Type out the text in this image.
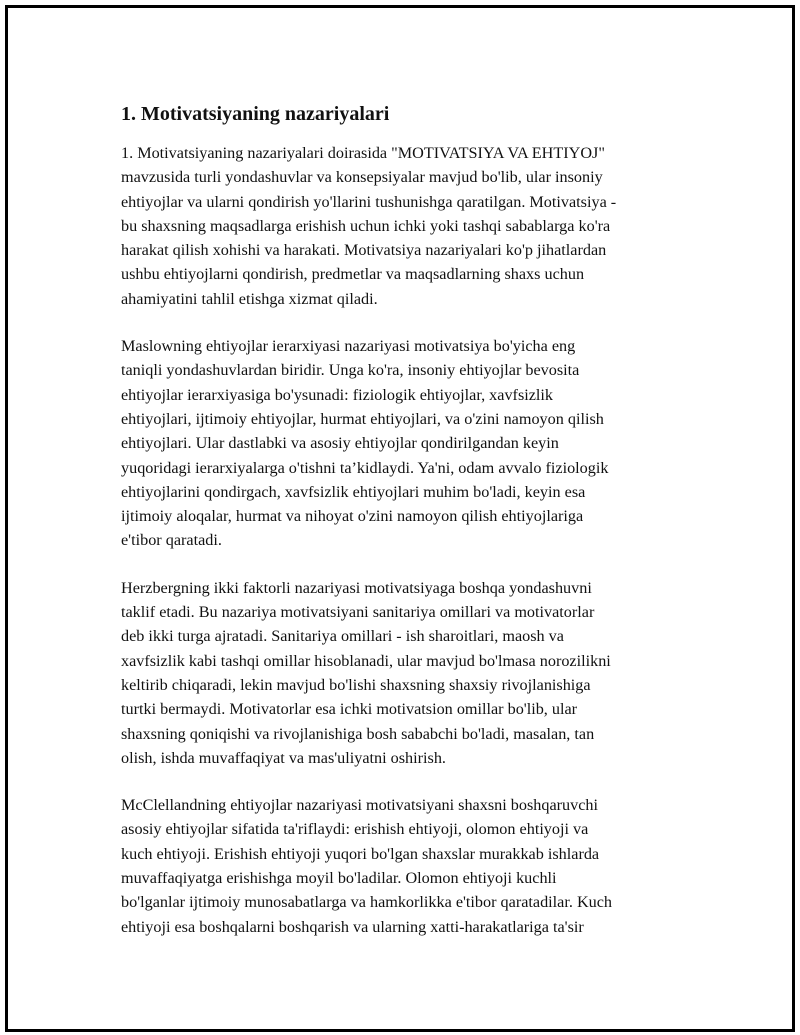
1. Motivatsiyaning nazariyalari

1. Motivatsiyaning nazariyalari doirasida "MOTIVATSIYA VA EHTIYOJ"
mavzusida turli yondashuvlar va konsepsiyalar mavjud bo'lib, ular insoniy
ehtiyojlar va ularni qondirish yo'llarini tushunishga qaratilgan. Motivatsiya -
bu shaxsning maqsadlarga erishish uchun ichki yoki tashqi sabablarga ko'ra
harakat qilish xohishi va harakati. Motivatsiya nazariyalari ko'p jihatlardan
ushbu ehtiyojlarni qondirish, predmetlar va maqsadlarning shaxs uchun
ahamiyatini tahlil etishga xizmat qiladi.

Maslowning ehtiyojlar ierarxiyasi nazariyasi motivatsiya bo'yicha eng
taniqli yondashuvlardan biridir. Unga ko'ra, insoniy ehtiyojlar bevosita
ehtiyojlar ierarxiyasiga bo'ysunadi: fiziologik ehtiyojlar, xavfsizlik
ehtiyojlari, ijtimoiy ehtiyojlar, hurmat ehtiyojlari, va o'zini namoyon qilish
ehtiyojlari. Ular dastlabki va asosiy ehtiyojlar qondirilgandan keyin
yuqoridagi ierarxiyalarga o'tishni ta’kidlaydi. Ya'ni, odam avvalo fiziologik
ehtiyojlarini qondirgach, xavfsizlik ehtiyojlari muhim bo'ladi, keyin esa
ijtimoiy aloqalar, hurmat va nihoyat o'zini namoyon qilish ehtiyojlariga
e'tibor qaratadi.

Herzbergning ikki faktorli nazariyasi motivatsiyaga boshqa yondashuvni
taklif etadi. Bu nazariya motivatsiyani sanitariya omillari va motivatorlar
deb ikki turga ajratadi. Sanitariya omillari - ish sharoitlari, maosh va
xavfsizlik kabi tashqi omillar hisoblanadi, ular mavjud bo'lmasa norozilikni
keltirib chiqaradi, lekin mavjud bo'lishi shaxsning shaxsiy rivojlanishiga
turtki bermaydi. Motivatorlar esa ichki motivatsion omillar bo'lib, ular
shaxsning qoniqishi va rivojlanishiga bosh sababchi bo'ladi, masalan, tan
olish, ishda muvaffaqiyat va mas'uliyatni oshirish.

McClellandning ehtiyojlar nazariyasi motivatsiyani shaxsni boshqaruvchi
asosiy ehtiyojlar sifatida ta'riflaydi: erishish ehtiyoji, olomon ehtiyoji va
kuch ehtiyoji. Erishish ehtiyoji yuqori bo'lgan shaxslar murakkab ishlarda
muvaffaqiyatga erishishga moyil bo'ladilar. Olomon ehtiyoji kuchli
bo'lganlar ijtimoiy munosabatlarga va hamkorlikka e'tibor qaratadilar. Kuch
ehtiyoji esa boshqalarni boshqarish va ularning xatti-harakatlariga ta'sir
